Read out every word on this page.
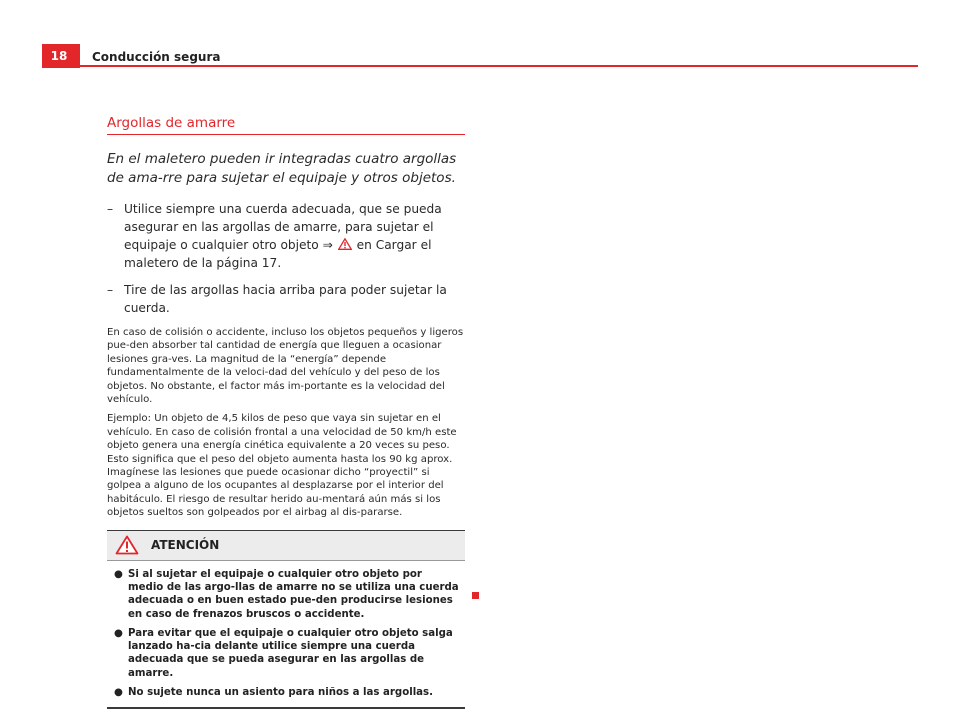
18 Conducción segura
Argollas de amarre
En el maletero pueden ir integradas cuatro argollas de ama-rre para sujetar el equipaje y otros objetos.
– Utilice siempre una cuerda adecuada, que se pueda asegurar en las argollas de amarre, para sujetar el equipaje o cualquier otro objeto ⇒  en Cargar el maletero de la página 17.
– Tire de las argollas hacia arriba para poder sujetar la cuerda.

En caso de colisión o accidente, incluso los objetos pequeños y ligeros pue-den absorber tal cantidad de energía que lleguen a ocasionar lesiones gra-ves. La magnitud de la “energía” depende fundamentalmente de la veloci-dad del vehículo y del peso de los objetos. No obstante, el factor más im-portante es la velocidad del vehículo.

Ejemplo: Un objeto de 4,5 kilos de peso que vaya sin sujetar en el vehículo. En caso de colisión frontal a una velocidad de 50 km/h este objeto genera una energía cinética equivalente a 20 veces su peso. Esto significa que el peso del objeto aumenta hasta los 90 kg aprox. Imagínese las lesiones que puede ocasionar dicho “proyectil” si golpea a alguno de los ocupantes al desplazarse por el interior del habitáculo. El riesgo de resultar herido au-mentará aún más si los objetos sueltos son golpeados por el airbag al dis-pararse.

ATENCIÓN
● Si al sujetar el equipaje o cualquier otro objeto por medio de las argo-llas de amarre no se utiliza una cuerda adecuada o en buen estado pue-den producirse lesiones en caso de frenazos bruscos o accidente.
● Para evitar que el equipaje o cualquier otro objeto salga lanzado ha-cia delante utilice siempre una cuerda adecuada que se pueda asegurar en las argollas de amarre.
● No sujete nunca un asiento para niños a las argollas.
